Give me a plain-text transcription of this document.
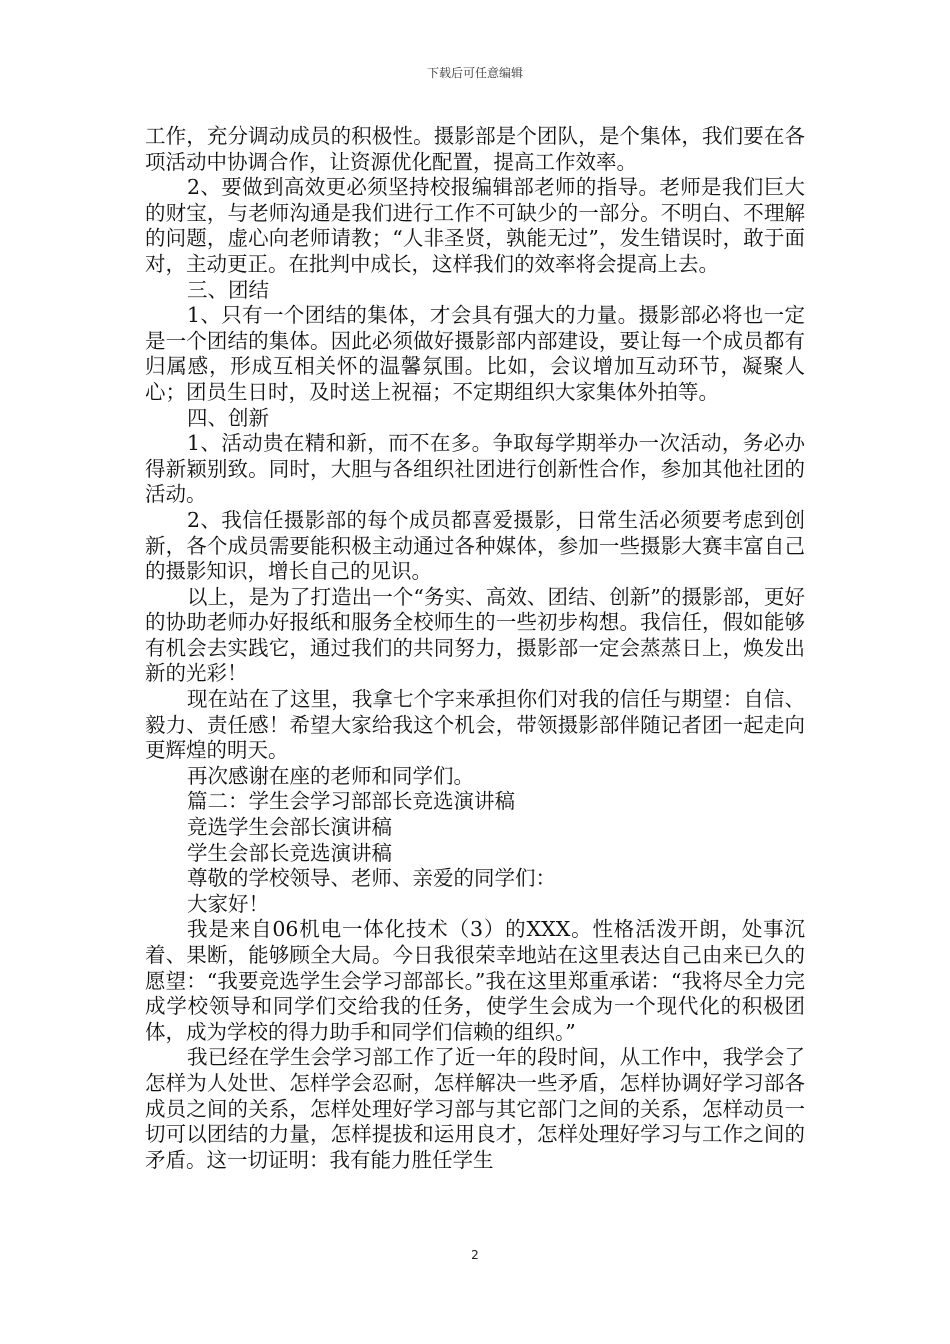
下载后可任意编辑

工作，充分调动成员的积极性。摄影部是个团队，是个集体，我们要在各项活动中协调合作，让资源优化配置，提高工作效率。

2、要做到高效更必须坚持校报编辑部老师的指导。老师是我们巨大的财宝，与老师沟通是我们进行工作不可缺少的一部分。不明白、不理解的问题，虚心向老师请教；“人非圣贤，孰能无过”，发生错误时，敢于面对，主动更正。在批判中成长，这样我们的效率将会提高上去。

三、团结

1、只有一个团结的集体，才会具有强大的力量。摄影部必将也一定是一个团结的集体。因此必须做好摄影部内部建设，要让每一个成员都有归属感，形成互相关怀的温馨氛围。比如，会议增加互动环节，凝聚人心；团员生日时，及时送上祝福；不定期组织大家集体外拍等。

四、创新

1、活动贵在精和新，而不在多。争取每学期举办一次活动，务必办得新颖别致。同时，大胆与各组织社团进行创新性合作，参加其他社团的活动。

2、我信任摄影部的每个成员都喜爱摄影，日常生活必须要考虑到创新，各个成员需要能积极主动通过各种媒体，参加一些摄影大赛丰富自己的摄影知识，增长自己的见识。

以上，是为了打造出一个“务实、高效、团结、创新”的摄影部，更好的协助老师办好报纸和服务全校师生的一些初步构想。我信任，假如能够有机会去实践它，通过我们的共同努力，摄影部一定会蒸蒸日上，焕发出新的光彩！

现在站在了这里，我拿七个字来承担你们对我的信任与期望：自信、毅力、责任感！希望大家给我这个机会，带领摄影部伴随记者团一起走向更辉煌的明天。

再次感谢在座的老师和同学们。

篇二：学生会学习部部长竞选演讲稿

竞选学生会部长演讲稿

学生会部长竞选演讲稿

尊敬的学校领导、老师、亲爱的同学们：

大家好！

我是来自06机电一体化技术（3）的XXX。性格活泼开朗，处事沉着、果断，能够顾全大局。今日我很荣幸地站在这里表达自己由来已久的愿望：“我要竞选学生会学习部部长。”我在这里郑重承诺：“我将尽全力完成学校领导和同学们交给我的任务，使学生会成为一个现代化的积极团体，成为学校的得力助手和同学们信赖的组织。”

我已经在学生会学习部工作了近一年的段时间，从工作中，我学会了怎样为人处世、怎样学会忍耐，怎样解决一些矛盾，怎样协调好学习部各成员之间的关系，怎样处理好学习部与其它部门之间的关系，怎样动员一切可以团结的力量，怎样提拔和运用良才，怎样处理好学习与工作之间的矛盾。这一切证明：我有能力胜任学生

2
